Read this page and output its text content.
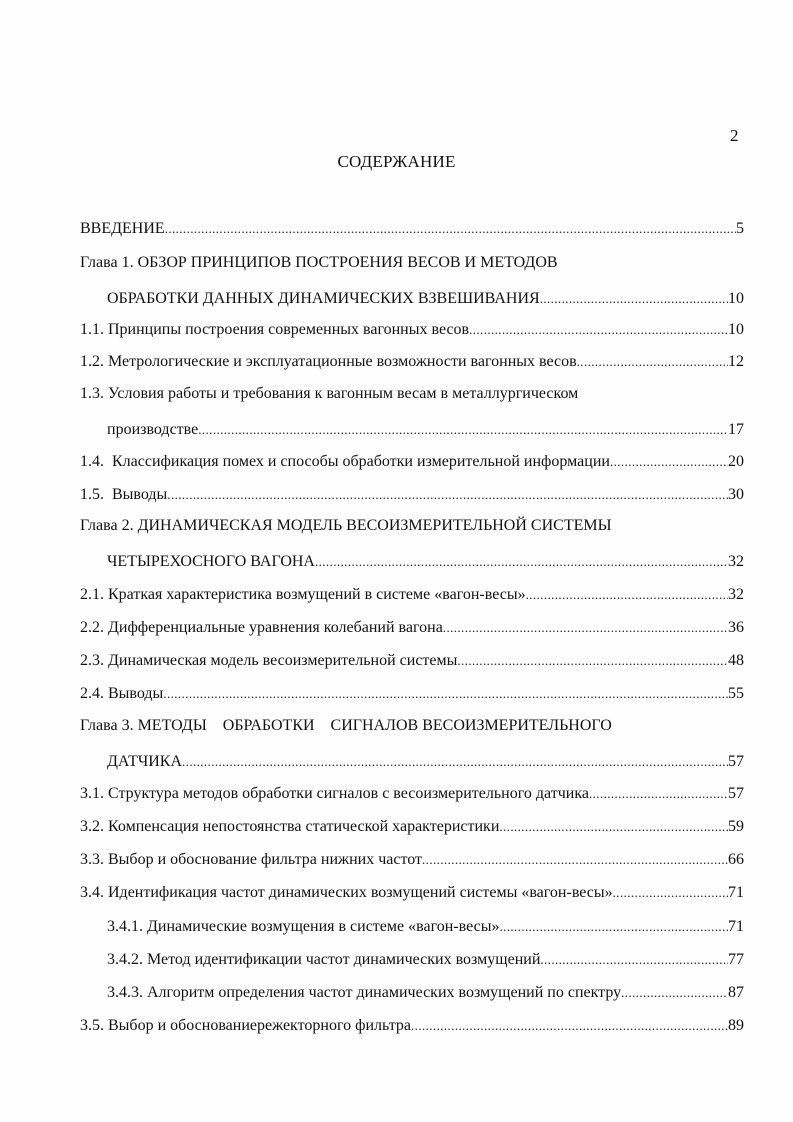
2
СОДЕРЖАНИЕ
ВВЕДЕНИЕ .....	5
Глава 1. ОБЗОР ПРИНЦИПОВ ПОСТРОЕНИЯ ВЕСОВ И МЕТОДОВ
ОБРАБОТКИ ДАННЫХ ДИНАМИЧЕСКИХ ВЗВЕШИВАНИЯ .....	10
1.1. Принципы построения современных вагонных весов .....	10
1.2. Метрологические и эксплуатационные возможности вагонных весов .....	12
1.3. Условия работы и требования к вагонным весам в металлургическом
производстве .....	17
1.4.  Классификация помех и способы обработки измерительной информации .....	20
1.5.  Выводы .....	30
Глава 2. ДИНАМИЧЕСКАЯ МОДЕЛЬ ВЕСОИЗМЕРИТЕЛЬНОЙ СИСТЕМЫ
ЧЕТЫРЕХОСНОГО ВАГОНА .....	32
2.1. Краткая характеристика возмущений в системе «вагон-весы» .....	32
2.2. Дифференциальные уравнения колебаний вагона .....	36
2.3. Динамическая модель весоизмерительной системы .....	48
2.4. Выводы .....	55
Глава 3. МЕТОДЫ    ОБРАБОТКИ    СИГНАЛОВ ВЕСОИЗМЕРИТЕЛЬНОГО
ДАТЧИКА .....	57
3.1. Структура методов обработки сигналов с весоизмерительного датчика .....	57
3.2. Компенсация непостоянства статической характеристики .....	59
3.3. Выбор и обоснование фильтра нижних частот .....	66
3.4. Идентификация частот динамических возмущений системы «вагон-весы» .....	71
3.4.1. Динамические возмущения в системе «вагон-весы» .....	71
3.4.2. Метод идентификации частот динамических возмущений .....	77
3.4.3. Алгоритм определения частот динамических возмущений по спектру .....	87
3.5. Выбор и обоснованиережекторного фильтра .....	89
